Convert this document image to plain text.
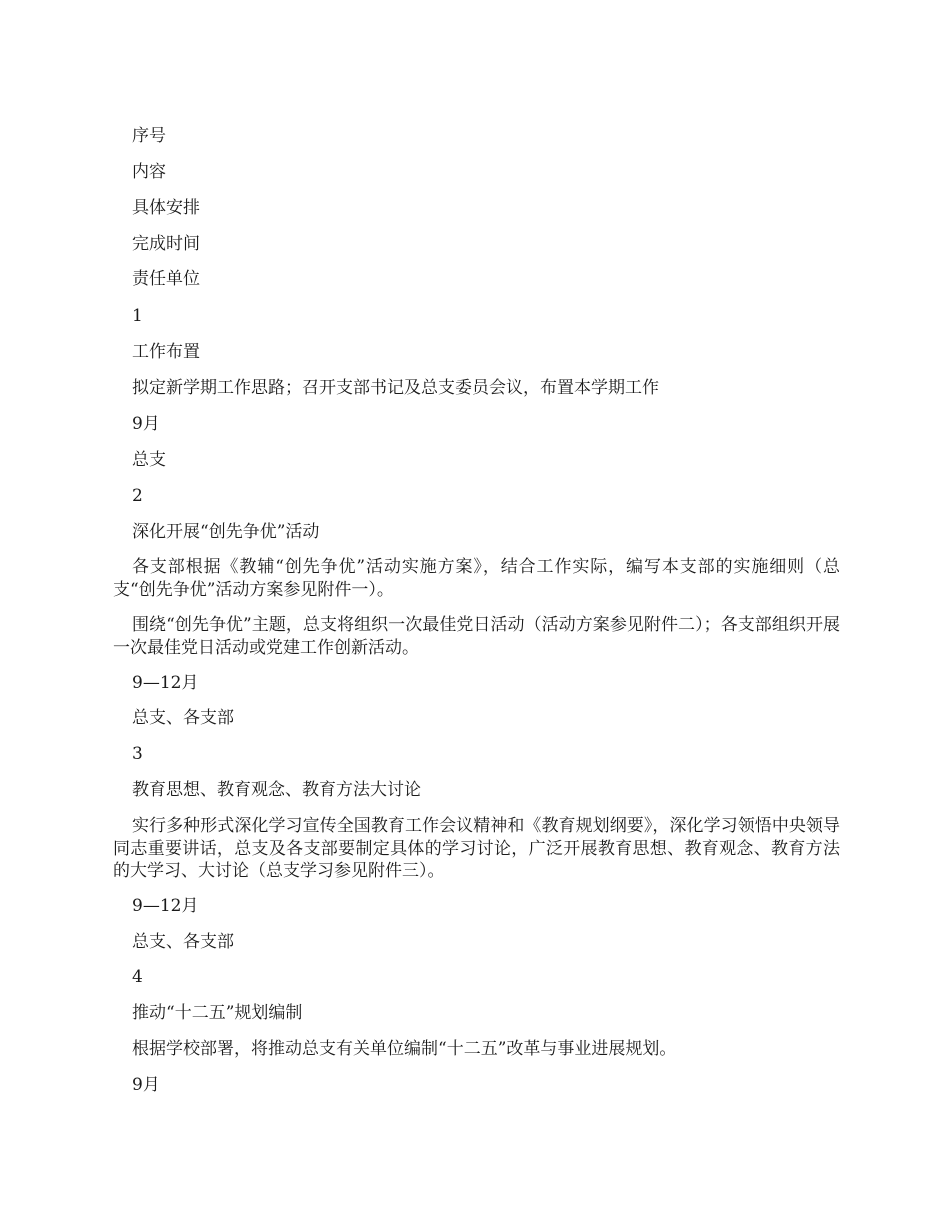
序号

内容

具体安排

完成时间

责任单位

1

工作布置

拟定新学期工作思路；召开支部书记及总支委员会议，布置本学期工作

9月

总支

2

深化开展“创先争优”活动

各支部根据《教辅“创先争优”活动实施方案》，结合工作实际，编写本支部的实施细则（总支“创先争优”活动方案参见附件一）。

围绕“创先争优”主题，总支将组织一次最佳党日活动（活动方案参见附件二）；各支部组织开展一次最佳党日活动或党建工作创新活动。

9—12月

总支、各支部

3

教育思想、教育观念、教育方法大讨论

实行多种形式深化学习宣传全国教育工作会议精神和《教育规划纲要》，深化学习领悟中央领导同志重要讲话，总支及各支部要制定具体的学习讨论，广泛开展教育思想、教育观念、教育方法的大学习、大讨论（总支学习参见附件三）。

9—12月

总支、各支部

4

推动“十二五”规划编制

根据学校部署，将推动总支有关单位编制“十二五”改革与事业进展规划。

9月
